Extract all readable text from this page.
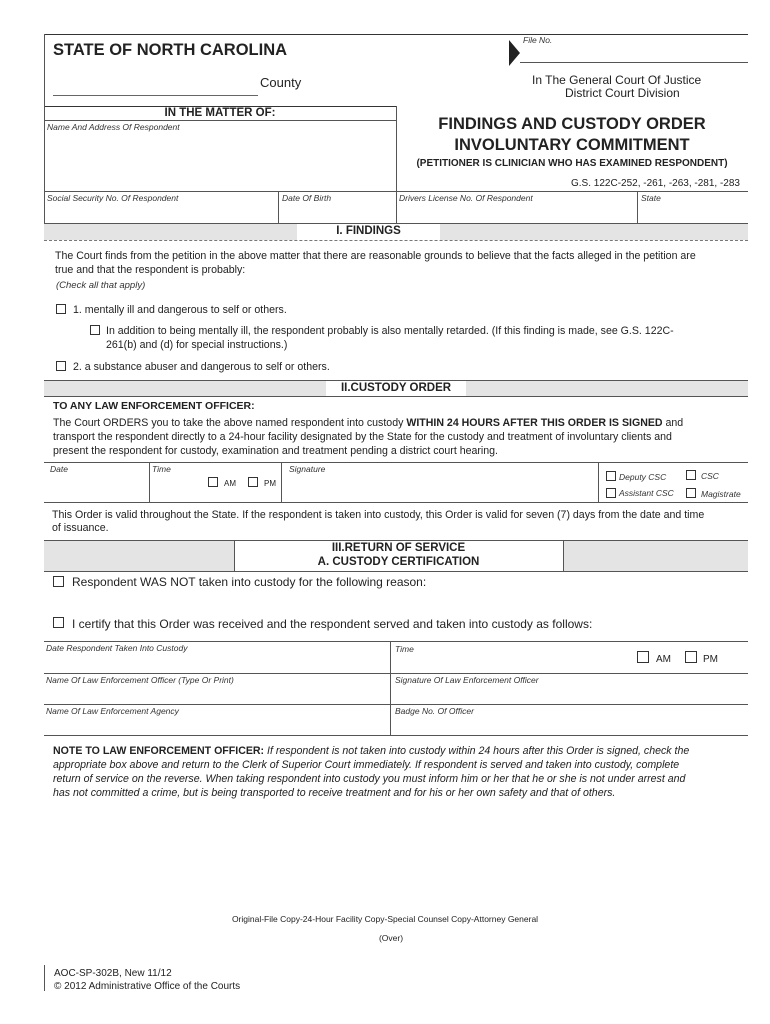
STATE OF NORTH CAROLINA
File No.
County	In The General Court Of Justice
District Court Division
IN THE MATTER OF:
Name And Address Of Respondent	FINDINGS AND CUSTODY ORDER
INVOLUNTARY COMMITMENT
(PETITIONER IS CLINICIAN WHO HAS EXAMINED RESPONDENT)
G.S. 122C-252, -261, -263, -281, -283
Social Security No. Of Respondent	Date Of Birth	Drivers License No. Of Respondent	State
I. FINDINGS
The Court finds from the petition in the above matter that there are reasonable grounds to believe that the facts alleged in the petition are
true and that the respondent is probably:
(Check all that apply)
1. mentally ill and dangerous to self or others.
In addition to being mentally ill, the respondent probably is also mentally retarded. (If this finding is made, see G.S. 122C-
261(b) and (d) for special instructions.)
2. a substance abuser and dangerous to self or others.
II.CUSTODY ORDER
TO ANY LAW ENFORCEMENT OFFICER:
The Court ORDERS you to take the above named respondent into custody WITHIN 24 HOURS AFTER THIS ORDER IS SIGNED and
transport the respondent directly to a 24-hour facility designated by the State for the custody and treatment of involuntary clients and
present the respondent for custody, examination and treatment pending a district court hearing.
Date	Time
AM	PM
Signature
Deputy CSC	CSC
Assistant CSC	Magistrate
This Order is valid throughout the State. If the respondent is taken into custody, this Order is valid for seven (7) days from the date and time
of issuance.
III.RETURN OF SERVICE
A. CUSTODY CERTIFICATION
Respondent WAS NOT taken into custody for the following reason:
I certify that this Order was received and the respondent served and taken into custody as follows:
Date Respondent Taken Into Custody	Time
AM	PM
Name Of Law Enforcement Officer (Type Or Print)	Signature Of Law Enforcement Officer
Name Of Law Enforcement Agency	Badge No. Of Officer
NOTE TO LAW ENFORCEMENT OFFICER: If respondent is not taken into custody within 24 hours after this Order is signed, check the
appropriate box above and return to the Clerk of Superior Court immediately. If respondent is served and taken into custody, complete
return of service on the reverse. When taking respondent into custody you must inform him or her that he or she is not under arrest and
has not committed a crime, but is being transported to receive treatment and for his or her own safety and that of others.
Original-File Copy-24-Hour Facility Copy-Special Counsel Copy-Attorney General
(Over)
AOC-SP-302B, New 11/12
© 2012 Administrative Office of the Courts
